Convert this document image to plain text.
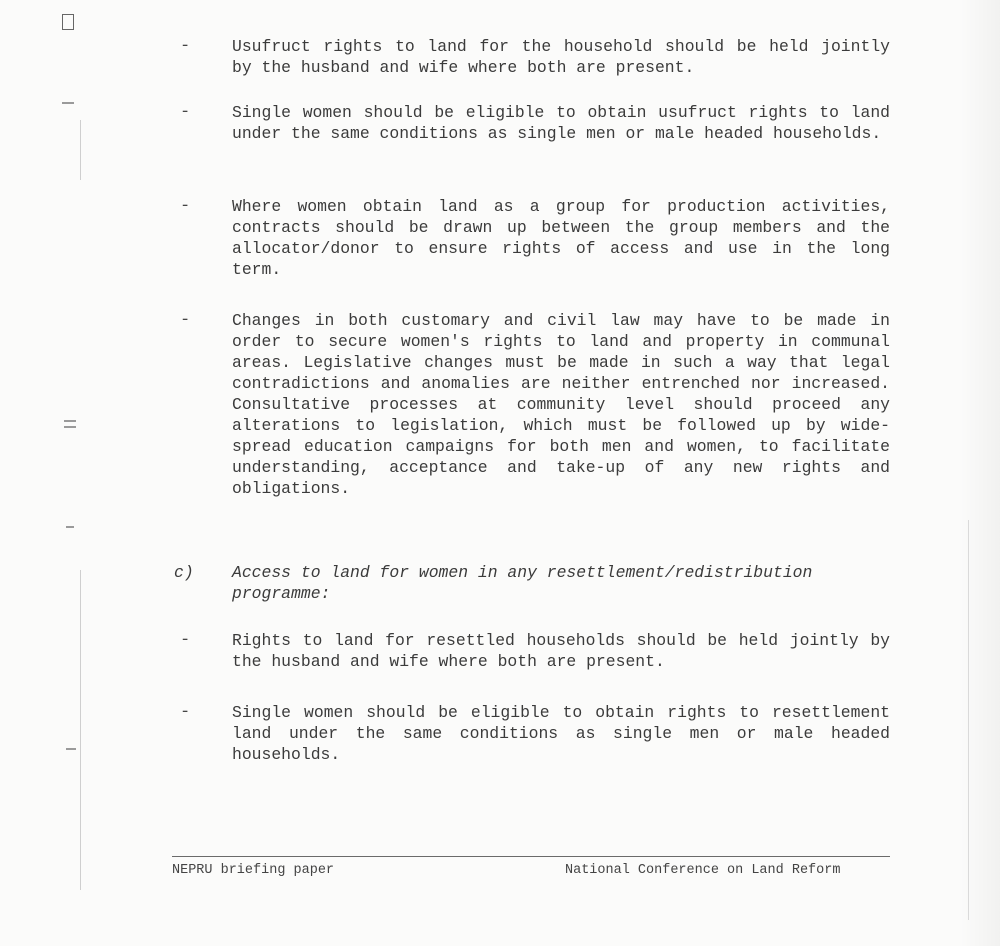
-	Usufruct rights to land for the household should be held jointly by the husband and wife where both are present.

-	Single women should be eligible to obtain usufruct rights to land under the same conditions as single men or male headed households.

-	Where women obtain land as a group for production activities, contracts should be drawn up between the group members and the allocator/donor to ensure rights of access and use in the long term.

-	Changes in both customary and civil law may have to be made in order to secure women's rights to land and property in communal areas. Legislative changes must be made in such a way that legal contradictions and anomalies are neither entrenched nor increased. Consultative processes at community level should proceed any alterations to legislation, which must be followed up by wide-spread education campaigns for both men and women, to facilitate understanding, acceptance and take-up of any new rights and obligations.

c) Access to land for women in any resettlement/redistribution programme:

-	Rights to land for resettled households should be held jointly by the husband and wife where both are present.

-	Single women should be eligible to obtain rights to resettlement land under the same conditions as single men or male headed households.

NEPRU briefing paper	National Conference on Land Reform
